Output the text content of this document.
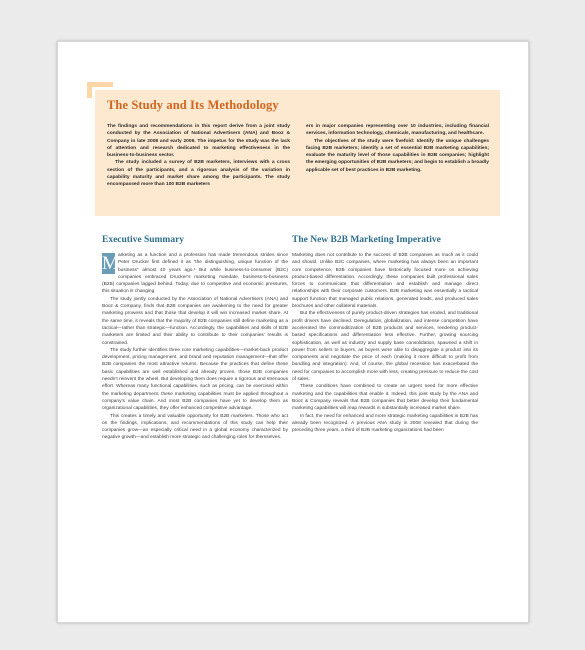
The Study and Its Methodology

The findings and recommendations in this report derive from a joint study conducted by the Association of National Advertisers (ANA) and Booz & Company in late 2008 and early 2009. The impetus for the study was the lack of attention and research dedicated to marketing effectiveness in the business-to-business sector.

The study included a survey of B2B marketers, interviews with a cross section of the participants, and a rigorous analysis of the variation in capability maturity and market share among the participants. The study encompassed more than 100 B2B marketers

ers in major companies representing over 10 industries, including financial services, information technology, chemicals, manufacturing, and healthcare.

The objectives of the study were fivefold: Identify the unique challenges facing B2B marketers; identify a set of essential B2B marketing capabilities; evaluate the maturity level of those capabilities in B2B companies; highlight the emerging opportunities of B2B marketers; and begin to establish a broadly applicable set of best practices in B2B marketing.

Executive Summary	The New B2B Marketing Imperative

M arketing as a function and a profession has made tremendous strides since Peter Drucker first defined it as “the distinguishing, unique function of the business” almost 40 years ago.¹ But while business-to-consumer (B2C) companies embraced Drucker’s marketing mandate, business-to-business (B2B) companies lagged behind. Today, due to competitive and economic pressures, this situation is changing.

The study jointly conducted by the Association of National Advertisers (ANA) and Booz & Company, finds that B2B companies are awakening to the need for greater marketing prowess and that those that develop it will win increased market share. At the same time, it reveals that the majority of B2B companies still define marketing as a tactical—rather than strategic—function. Accordingly, the capabilities and skills of B2B marketers are limited and their ability to contribute to their companies’ results is constrained.

The study further identifies three core marketing capabilities—market-back product development, pricing management, and brand and reputation management—that offer B2B companies the most attractive returns. Because the practices that define these basic capabilities are well established and already proven, those B2B companies needn’t reinvent the wheel. But developing them does require a rigorous and strenuous effort. Whereas many functional capabilities, such as pricing, can be exercised within the marketing department, these marketing capabilities must be applied throughout a company’s value chain. And most B2B companies have yet to develop them as organizational capabilities, they offer enhanced competitive advantage.

This creates a timely and valuable opportunity for B2B marketers. Those who act on the findings, implications, and recommendations of this study can help their companies grow—an especially critical need in a global economy characterized by negative growth—and establish more strategic and challenging roles for themselves.

Marketing does not contribute to the success of B2B companies as much as it could and should. Unlike B2C companies, where marketing has always been an important core competence, B2B companies have historically focused more on achieving product-based differentiation. Accordingly, these companies built professional sales forces to communicate that differentiation and establish and manage direct relationships with their corporate customers. B2B marketing was essentially a tactical support function that managed public relations, generated leads, and produced sales brochures and other collateral materials.

But the effectiveness of purely product-driven strategies has eroded, and traditional profit drivers have declined. Deregulation, globalization, and intense competition have accelerated the commoditization of B2B products and services, rendering product-based specifications and differentiation less effective. Further, growing sourcing sophistication, as well as industry and supply base consolidation, spawned a shift in power from sellers to buyers, as buyers were able to disaggregate a product into its components and negotiate the price of each (making it more difficult to profit from bundling and integration). And, of course, the global recession has exacerbated the need for companies to accomplish more with less, creating pressure to reduce the cost of sales.

These conditions have combined to create an urgent need for more effective marketing and the capabilities that enable it. Indeed, this joint study by the ANA and Booz & Company reveals that B2B companies that better develop their fundamental marketing capabilities will reap rewards in substantially increased market share.

In fact, the need for enhanced and more strategic marketing capabilities in B2B has already been recognized. A previous ANA study in 2008 revealed that during the preceding three years, a third of B2B marketing organizations had been
